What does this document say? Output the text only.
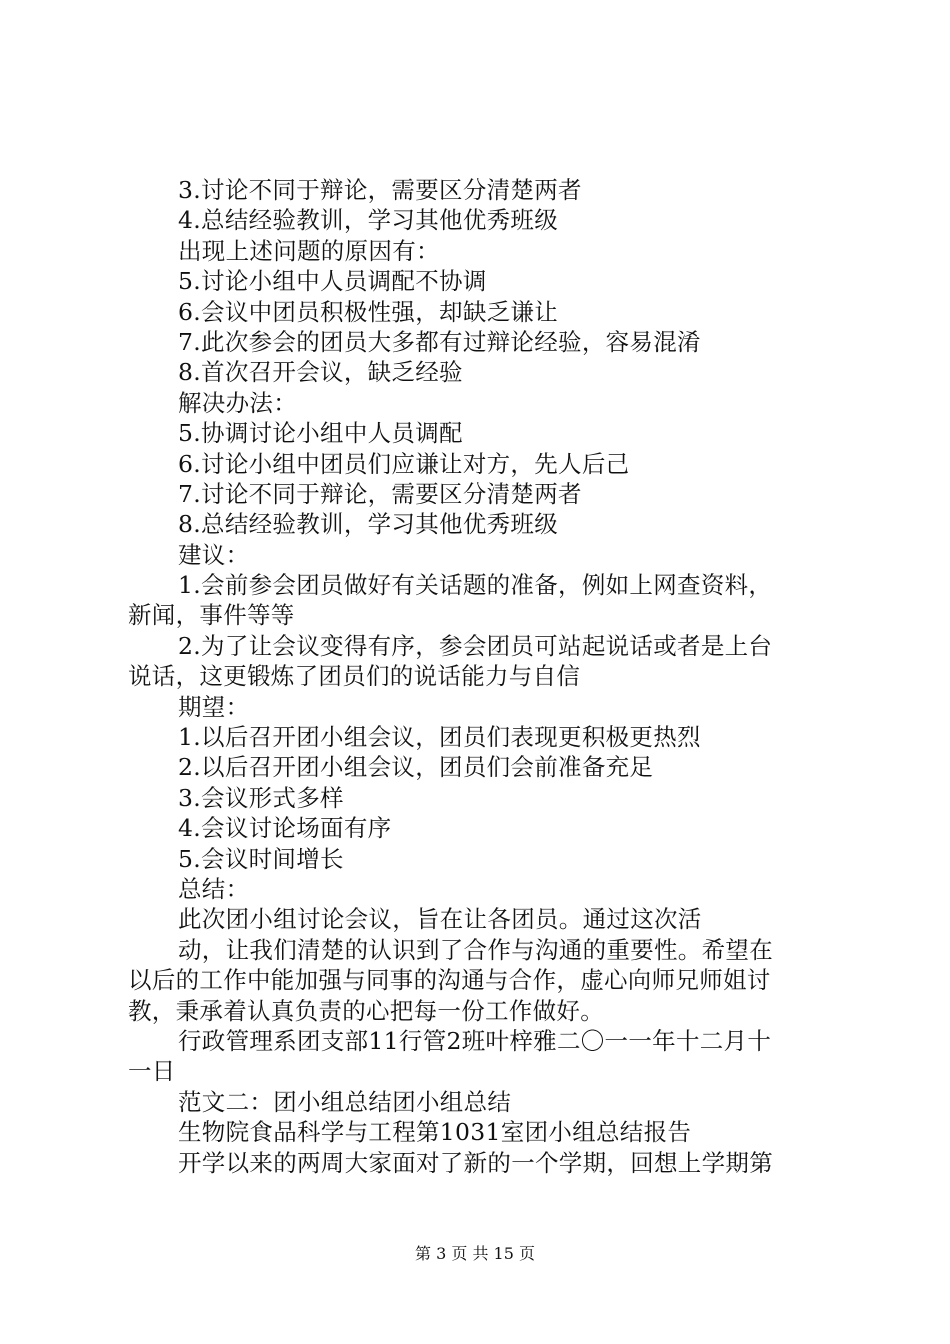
3.讨论不同于辩论，需要区分清楚两者
4.总结经验教训，学习其他优秀班级
出现上述问题的原因有：
5.讨论小组中人员调配不协调
6.会议中团员积极性强，却缺乏谦让
7.此次参会的团员大多都有过辩论经验，容易混淆
8.首次召开会议，缺乏经验
解决办法：
5.协调讨论小组中人员调配
6.讨论小组中团员们应谦让对方，先人后己
7.讨论不同于辩论，需要区分清楚两者
8.总结经验教训，学习其他优秀班级
建议：
1.会前参会团员做好有关话题的准备，例如上网查资料，
新闻，事件等等
2.为了让会议变得有序，参会团员可站起说话或者是上台
说话，这更锻炼了团员们的说话能力与自信
期望：
1.以后召开团小组会议，团员们表现更积极更热烈
2.以后召开团小组会议，团员们会前准备充足
3.会议形式多样
4.会议讨论场面有序
5.会议时间增长
总结：
此次团小组讨论会议，旨在让各团员。通过这次活
动，让我们清楚的认识到了合作与沟通的重要性。希望在
以后的工作中能加强与同事的沟通与合作，虚心向师兄师姐讨
教，秉承着认真负责的心把每一份工作做好。
行政管理系团支部11行管2班叶梓雅二〇一一年十二月十
一日
范文二：团小组总结团小组总结
生物院食品科学与工程第1031室团小组总结报告
开学以来的两周大家面对了新的一个学期，回想上学期第
第 3 页 共 15 页
